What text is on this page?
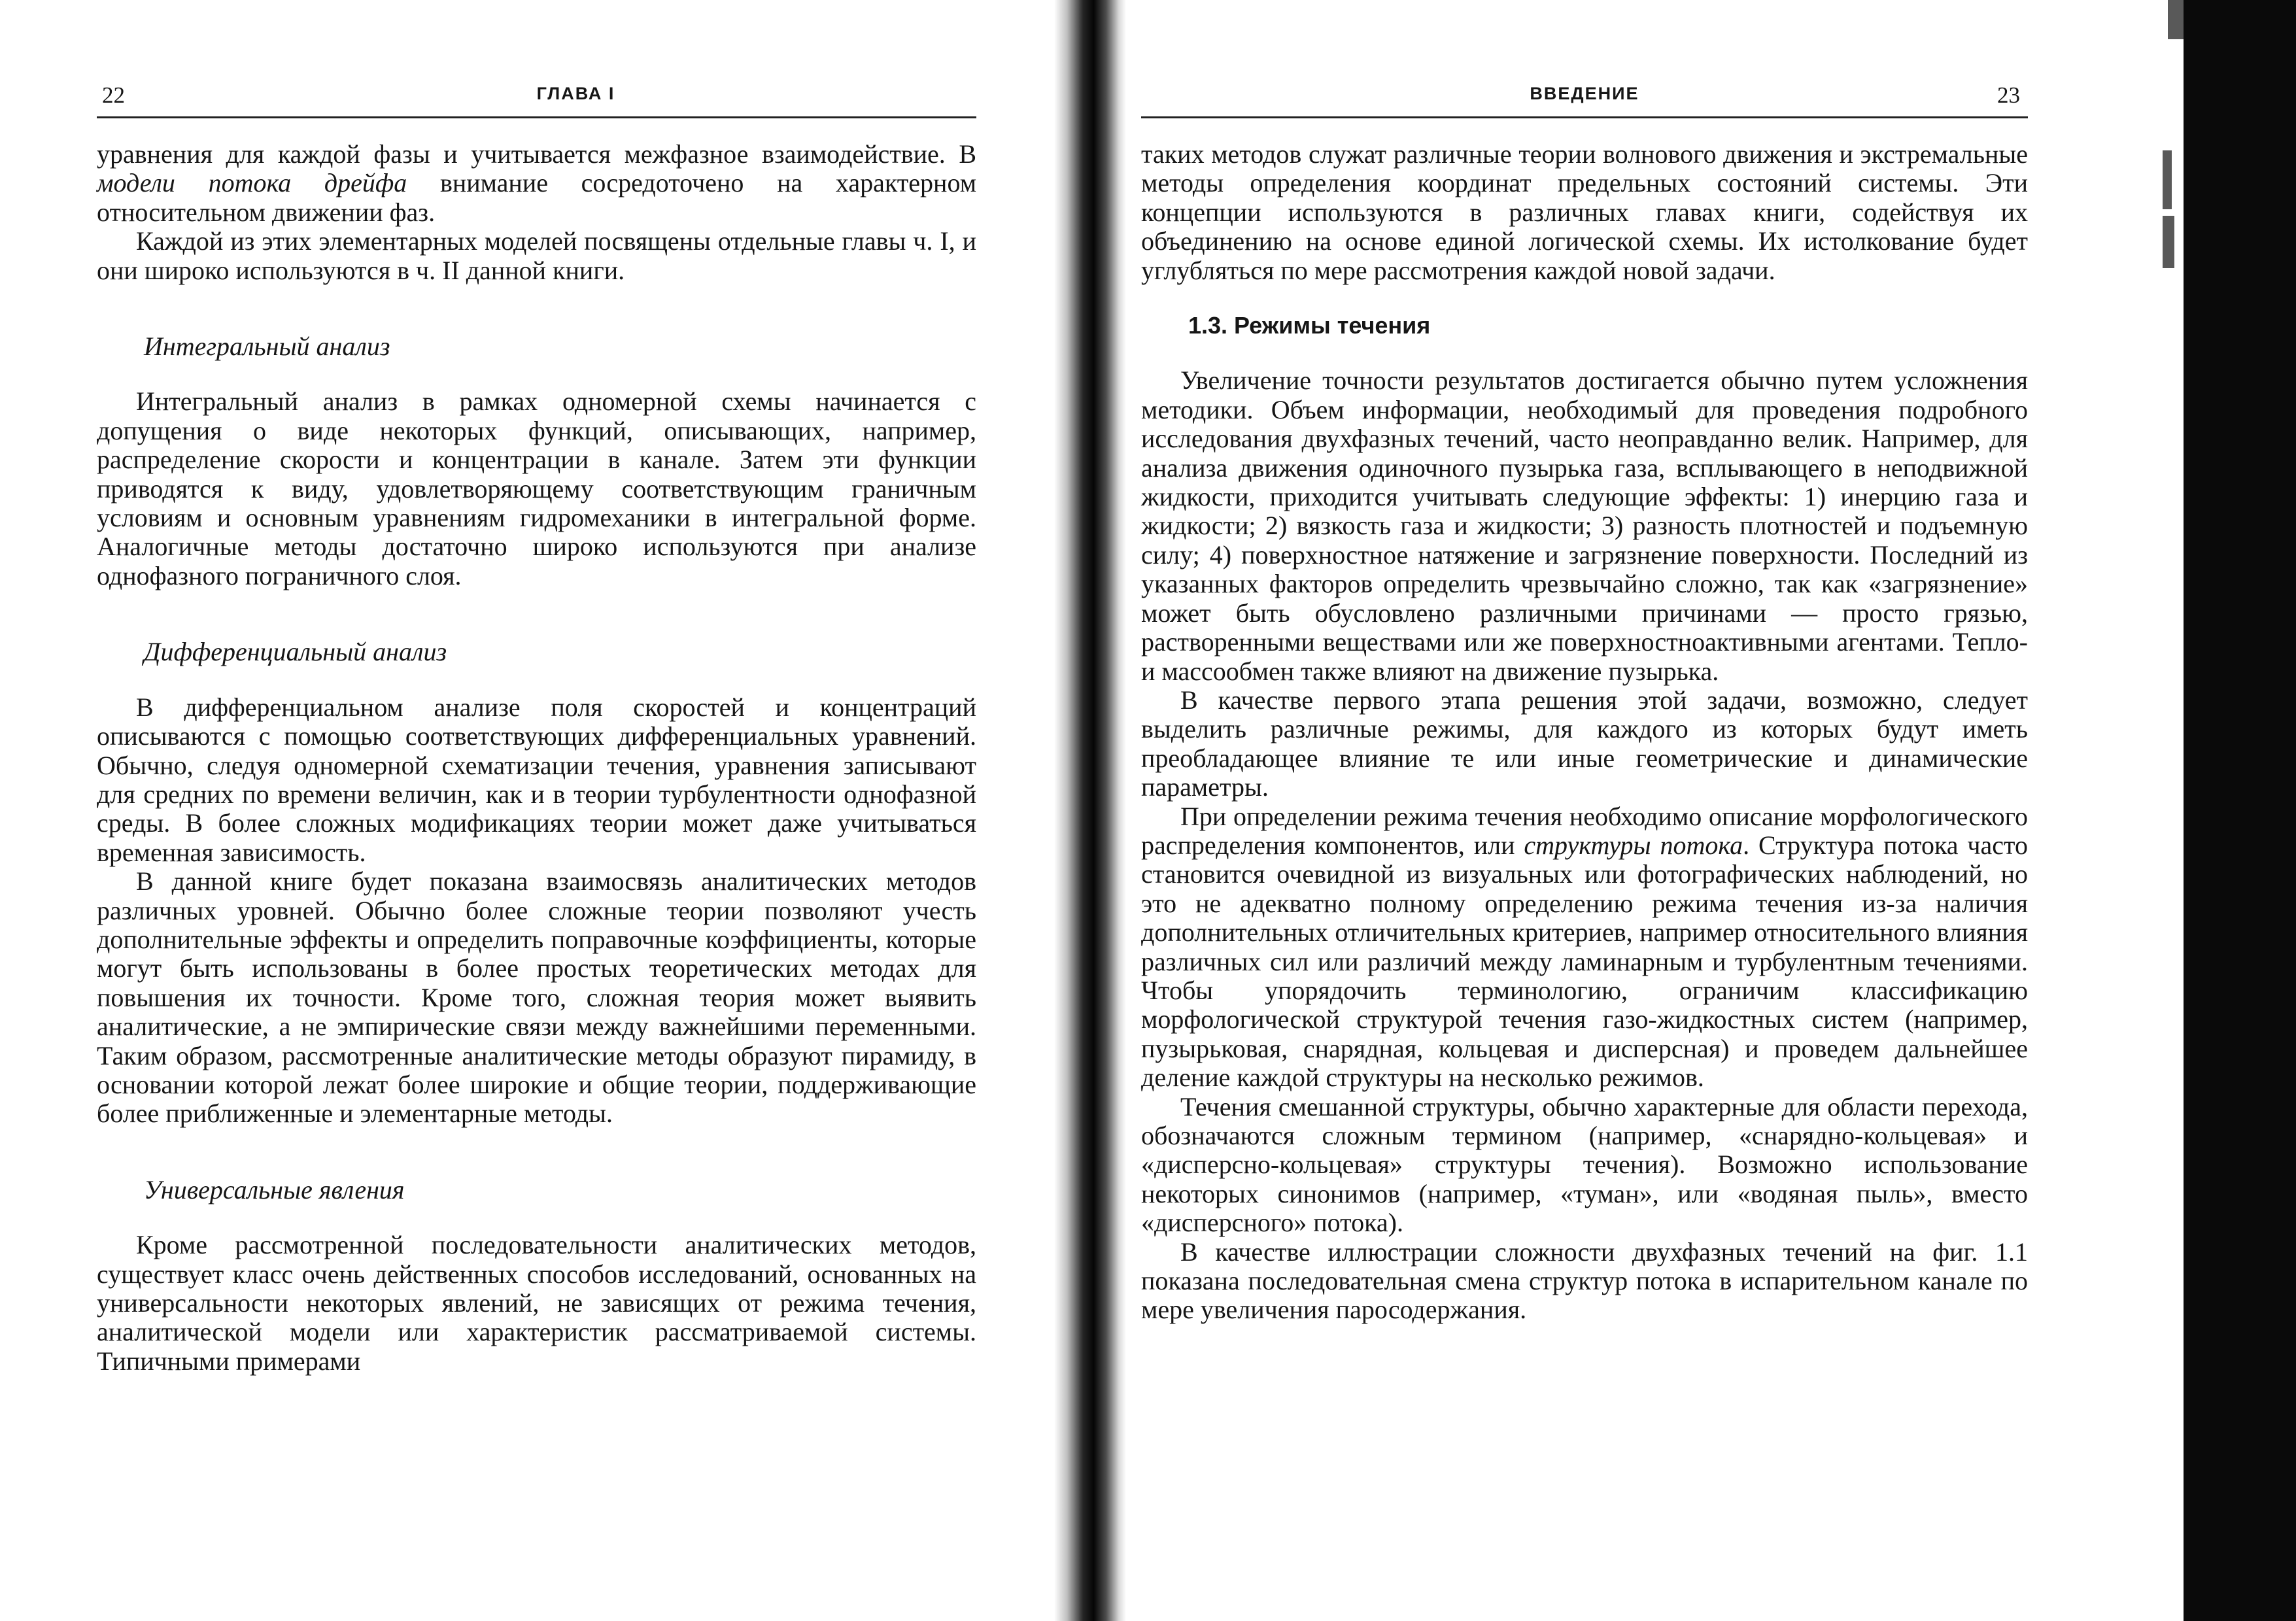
22	ГЛАВА I

уравнения для каждой фазы и учитывается межфазное взаимодействие. В модели потока дрейфа внимание сосредоточено на характерном относительном движении фаз.

Каждой из этих элементарных моделей посвящены отдельные главы ч. I, и они широко используются в ч. II данной книги.

Интегральный анализ

Интегральный анализ в рамках одномерной схемы начинается с допущения о виде некоторых функций, описывающих, например, распределение скорости и концентрации в канале. Затем эти функции приводятся к виду, удовлетворяющему соответствующим граничным условиям и основным уравнениям гидромеханики в интегральной форме. Аналогичные методы достаточно широко используются при анализе однофазного пограничного слоя.

Дифференциальный анализ

В дифференциальном анализе поля скоростей и концентраций описываются с помощью соответствующих дифференциальных уравнений. Обычно, следуя одномерной схематизации течения, уравнения записывают для средних по времени величин, как и в теории турбулентности однофазной среды. В более сложных модификациях теории может даже учитываться временная зависимость.

В данной книге будет показана взаимосвязь аналитических методов различных уровней. Обычно более сложные теории позволяют учесть дополнительные эффекты и определить поправочные коэффициенты, которые могут быть использованы в более простых теоретических методах для повышения их точности. Кроме того, сложная теория может выявить аналитические, а не эмпирические связи между важнейшими переменными. Таким образом, рассмотренные аналитические методы образуют пирамиду, в основании которой лежат более широкие и общие теории, поддерживающие более приближенные и элементарные методы.

Универсальные явления

Кроме рассмотренной последовательности аналитических методов, существует класс очень действенных способов исследований, основанных на универсальности некоторых явлений, не зависящих от режима течения, аналитической модели или характеристик рассматриваемой системы. Типичными примерами

ВВЕДЕНИЕ	23

таких методов служат различные теории волнового движения и экстремальные методы определения координат предельных состояний системы. Эти концепции используются в различных главах книги, содействуя их объединению на основе единой логической схемы. Их истолкование будет углубляться по мере рассмотрения каждой новой задачи.

1.3. Режимы течения

Увеличение точности результатов достигается обычно путем усложнения методики. Объем информации, необходимый для проведения подробного исследования двухфазных течений, часто неоправданно велик. Например, для анализа движения одиночного пузырька газа, всплывающего в неподвижной жидкости, приходится учитывать следующие эффекты: 1) инерцию газа и жидкости; 2) вязкость газа и жидкости; 3) разность плотностей и подъемную силу; 4) поверхностное натяжение и загрязнение поверхности. Последний из указанных факторов определить чрезвычайно сложно, так как «загрязнение» может быть обусловлено различными причинами — просто грязью, растворенными веществами или же поверхностноактивными агентами. Тепло- и массообмен также влияют на движение пузырька.

В качестве первого этапа решения этой задачи, возможно, следует выделить различные режимы, для каждого из которых будут иметь преобладающее влияние те или иные геометрические и динамические параметры.

При определении режима течения необходимо описание морфологического распределения компонентов, или структуры потока. Структура потока часто становится очевидной из визуальных или фотографических наблюдений, но это не адекватно полному определению режима течения из-за наличия дополнительных отличительных критериев, например относительного влияния различных сил или различий между ламинарным и турбулентным течениями. Чтобы упорядочить терминологию, ограничим классификацию морфологической структурой течения газо-жидкостных систем (например, пузырьковая, снарядная, кольцевая и дисперсная) и проведем дальнейшее деление каждой структуры на несколько режимов.

Течения смешанной структуры, обычно характерные для области перехода, обозначаются сложным термином (например, «снарядно-кольцевая» и «дисперсно-кольцевая» структуры течения). Возможно использование некоторых синонимов (например, «туман», или «водяная пыль», вместо «дисперсного» потока).

В качестве иллюстрации сложности двухфазных течений на фиг. 1.1 показана последовательная смена структур потока в испарительном канале по мере увеличения паросодержания.
